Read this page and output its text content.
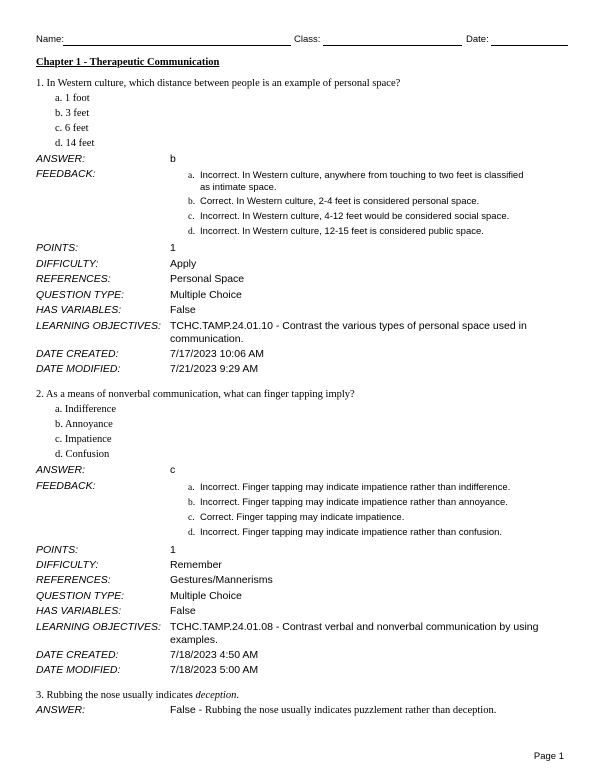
Name:	Class:	Date:
Chapter 1 - Therapeutic Communication
1. In Western culture, which distance between people is an example of personal space?
a. 1 foot
b. 3 feet
c. 6 feet
d. 14 feet
ANSWER:	b
FEEDBACK:	a. Incorrect. In Western culture, anywhere from touching to two feet is classified as intimate space.
b. Correct. In Western culture, 2-4 feet is considered personal space.
c. Incorrect. In Western culture, 4-12 feet would be considered social space.
d. Incorrect. In Western culture, 12-15 feet is considered public space.
POINTS:	1
DIFFICULTY:	Apply
REFERENCES:	Personal Space
QUESTION TYPE:	Multiple Choice
HAS VARIABLES:	False
LEARNING OBJECTIVES: TCHC.TAMP.24.01.10 - Contrast the various types of personal space used in communication.
DATE CREATED:	7/17/2023 10:06 AM
DATE MODIFIED:	7/21/2023 9:29 AM
2. As a means of nonverbal communication, what can finger tapping imply?
a. Indifference
b. Annoyance
c. Impatience
d. Confusion
ANSWER:	c
FEEDBACK:	a. Incorrect. Finger tapping may indicate impatience rather than indifference.
b. Incorrect. Finger tapping may indicate impatience rather than annoyance.
c. Correct. Finger tapping may indicate impatience.
d. Incorrect. Finger tapping may indicate impatience rather than confusion.
POINTS:	1
DIFFICULTY:	Remember
REFERENCES:	Gestures/Mannerisms
QUESTION TYPE:	Multiple Choice
HAS VARIABLES:	False
LEARNING OBJECTIVES: TCHC.TAMP.24.01.08 - Contrast verbal and nonverbal communication by using examples.
DATE CREATED:	7/18/2023 4:50 AM
DATE MODIFIED:	7/18/2023 5:00 AM
3. Rubbing the nose usually indicates deception.
ANSWER:	False - Rubbing the nose usually indicates puzzlement rather than deception.
Page 1
